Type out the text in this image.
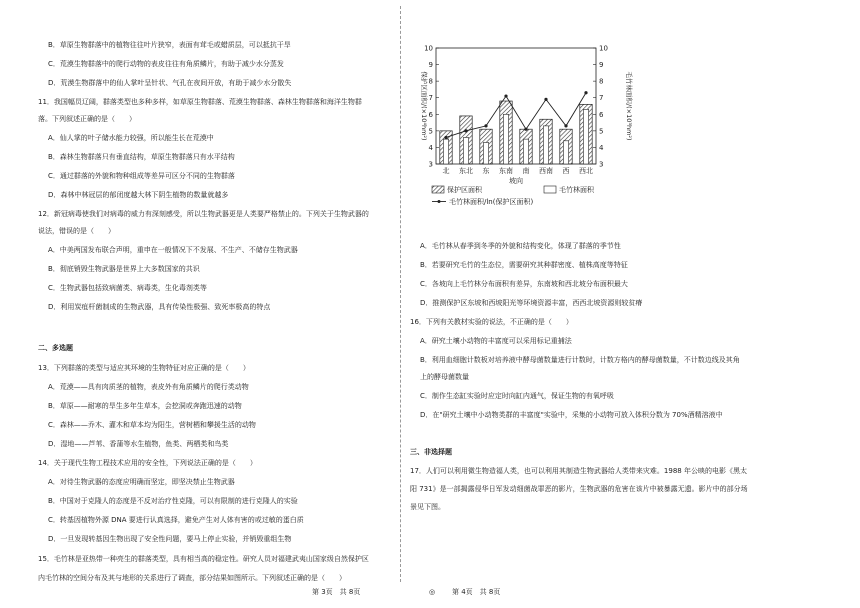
B．草原生物群落中的植物往往叶片狭窄，表面有茸毛或蜡质层，可以抵抗干旱
C．荒漠生物群落中的爬行动物的表皮往往有角质鳞片，有助于减少水分蒸发
D．荒漠生物群落中的仙人掌叶呈针状、气孔在夜间开放，有助于减少水分散失
11．我国幅员辽阔，群落类型也多种多样，如草原生物群落、荒漠生物群落、森林生物群落和海洋生物群
落。下列叙述正确的是（　　）
A．仙人掌的叶子储水能力较强，所以能生长在荒漠中
B．森林生物群落只有垂直结构，草原生物群落只有水平结构
C．通过群落的外貌和物种组成等差异可区分不同的生物群落
D．森林中林冠层的郁闭度越大林下阴生植物的数量就越多
12．新冠病毒使我们对病毒的威力有深刻感受，所以生物武器更是人类要严格禁止的。下列关于生物武器的
说法，错误的是（　　）
A．中美两国发布联合声明，重申在一般情况下不发展、不生产、不储存生物武器
B．彻底销毁生物武器是世界上大多数国家的共识
C．生物武器包括致病菌类、病毒类，生化毒剂类等
D．利用炭疽杆菌制成的生物武器，具有传染性极强、致死率极高的特点
二、多选题
13．下列群落的类型与适应其环境的生物特征对应正确的是（　　）
A．荒漠——具有肉质茎的植物，表皮外有角质鳞片的爬行类动物
B．草原——耐寒的旱生多年生草本，会挖洞或奔跑迅速的动物
C．森林——乔木、灌木和草本均为阳生，营树栖和攀援生活的动物
D．湿地——芦苇、香蒲等水生植物，鱼类、两栖类和鸟类
14．关于现代生物工程技术应用的安全性，下列说法正确的是（　　）
A．对待生物武器的态度应明确而坚定，即坚决禁止生物武器
B．中国对于克隆人的态度是不反对治疗性克隆，可以有限制的进行克隆人的实验
C．转基因植物外源 DNA 要进行认真选择，避免产生对人体有害的或过敏的蛋白质
D．一旦发现转基因生物出现了安全性问题，要马上停止实验，并销毁重组生物
15．毛竹林是亚热带一种亮生的群落类型，具有相当高的稳定性。研究人员对福建武夷山国家级自然保护区
内毛竹林的空间分布及其与地形的关系进行了调查，部分结果如图所示。下列叙述正确的是（　　）
3	3
4	4
5	5
6	6
7	7
8	8
9	9
10	10
北 东北 东 东南 南 西南 西 西北
坡向
保护区面积/(×10⁴hm²)	毛竹林面积/(×10³hm²)
保护区面积	毛竹林面积
毛竹林面积/ln(保护区面积)
A．毛竹林从春季到冬季的外貌和结构变化，体现了群落的季节性
B．若要研究毛竹的生态位，需要研究其种群密度、植株高度等特征
C．各坡向上毛竹林分布面积有差异，东南坡和西北坡分布面积最大
D．推测保护区东坡和西坡阳光等环境资源丰富，西西北坡资源则较贫瘠
16．下列有关教材实验的说法，不正确的是（　　）
A．研究土壤小动物的丰富度可以采用标记重捕法
B．利用血细胞计数板对培养液中酵母菌数量进行计数时，计数方格内的酵母菌数量，不计数边线及其角
上的酵母菌数量
C．制作生态缸实验时应定时向缸内通气，保证生物的有氧呼吸
D．在"研究土壤中小动物类群的丰富度"实验中，采集的小动物可放入体积分数为 70%酒精溶液中
三、非选择题
17．人们可以利用微生物造福人类，也可以利用其制造生物武器给人类带来灾难。1988 年公映的电影《黑太
阳 731》是一部揭露侵华日军发动细菌战罪恶的影片，生物武器的危害在该片中被暴露无遗。影片中的部分场
景见下图。
第 3页　共 8页	◎ 第 4页　共 8页
